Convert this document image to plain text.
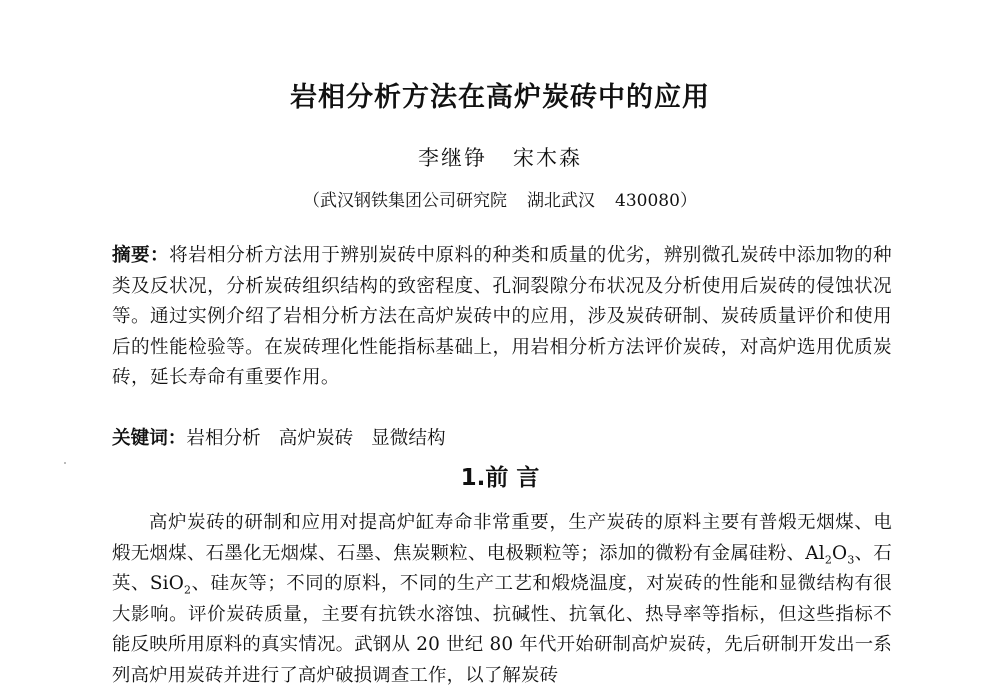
岩相分析方法在高炉炭砖中的应用
李继铮 宋木森
（武汉钢铁集团公司研究院 湖北武汉 430080）
摘要：将岩相分析方法用于辨别炭砖中原料的种类和质量的优劣，辨别微孔炭砖中添加物的种类及反状况，分析炭砖组织结构的致密程度、孔洞裂隙分布状况及分析使用后炭砖的侵蚀状况等。通过实例介绍了岩相分析方法在高炉炭砖中的应用，涉及炭砖研制、炭砖质量评价和使用后的性能检验等。在炭砖理化性能指标基础上，用岩相分析方法评价炭砖，对高炉选用优质炭砖，延长寿命有重要作用。
关键词：岩相分析 高炉炭砖 显微结构
1.前 言
高炉炭砖的研制和应用对提高炉缸寿命非常重要，生产炭砖的原料主要有普煅无烟煤、电煅无烟煤、石墨化无烟煤、石墨、焦炭颗粒、电极颗粒等；添加的微粉有金属硅粉、$Al_2O_3$、石英、SiO$_2$、硅灰等；不同的原料，不同的生产工艺和煅烧温度，对炭砖的性能和显微结构有很大影响。评价炭砖质量，主要有抗铁水溶蚀、抗碱性、抗氧化、热导率等指标，但这些指标不能反映所用原料的真实情况。武钢从 20 世纪 80 年代开始研制高炉炭砖，先后研制开发出一系列高炉用炭砖并进行了高炉破损调查工作，以了解炭砖
